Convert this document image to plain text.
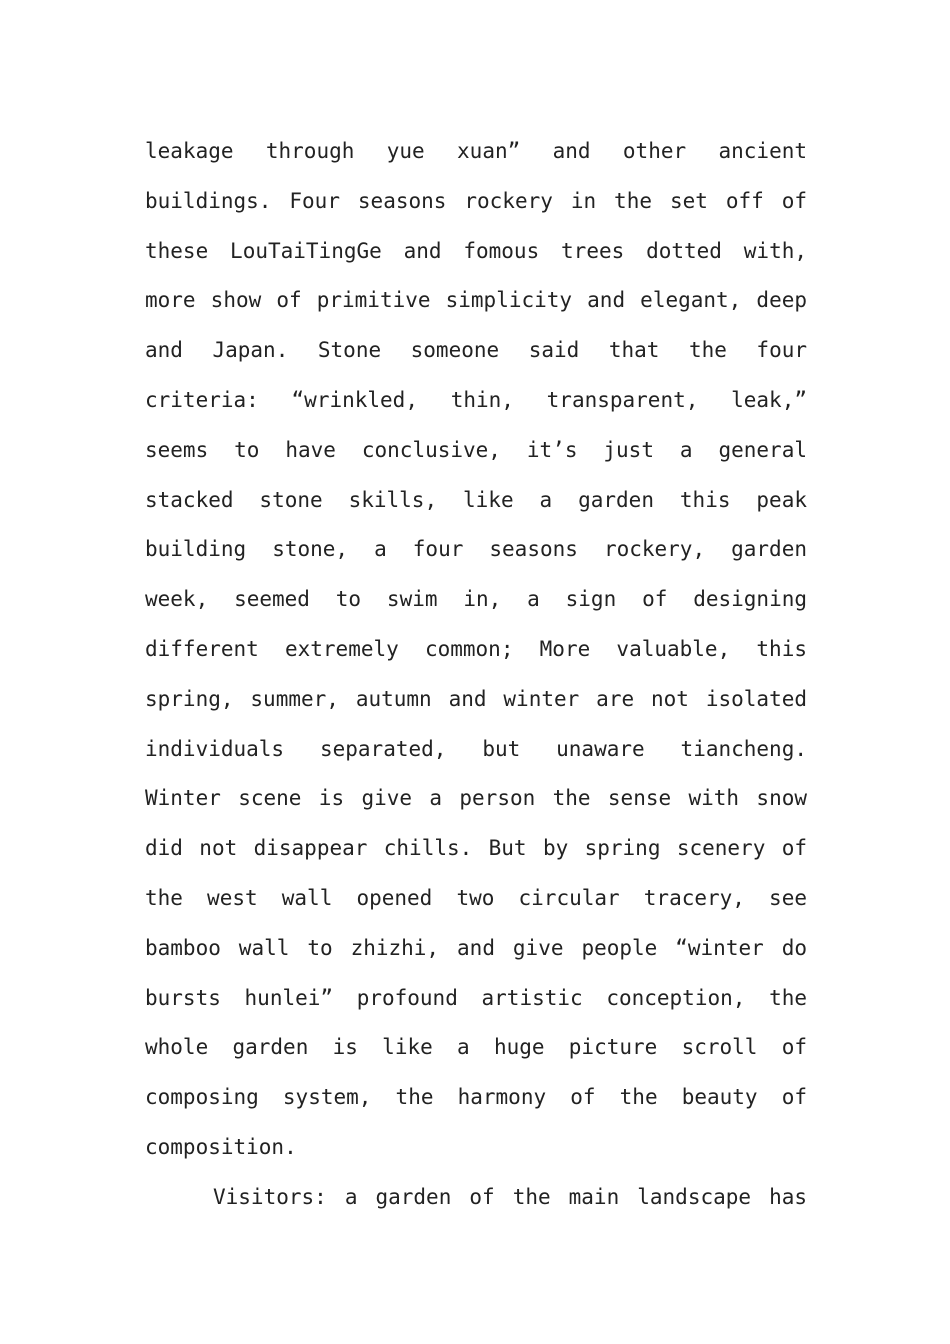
leakage through yue xuan” and other ancient
buildings. Four seasons rockery in the set off of
these LouTaiTingGe and fomous trees dotted with,
more show of primitive simplicity and elegant, deep
and Japan. Stone someone said that the four
criteria: “wrinkled, thin, transparent, leak,”
seems to have conclusive, it’s just a general
stacked stone skills, like a garden this peak
building stone, a four seasons rockery, garden
week, seemed to swim in, a sign of designing
different extremely common; More valuable, this
spring, summer, autumn and winter are not isolated
individuals separated, but unaware tiancheng.
Winter scene is give a person the sense with snow
did not disappear chills. But by spring scenery of
the west wall opened two circular tracery, see
bamboo wall to zhizhi, and give people “winter do
bursts hunlei” profound artistic conception, the
whole garden is like a huge picture scroll of
composing system, the harmony of the beauty of
composition.
Visitors: a garden of the main landscape has
